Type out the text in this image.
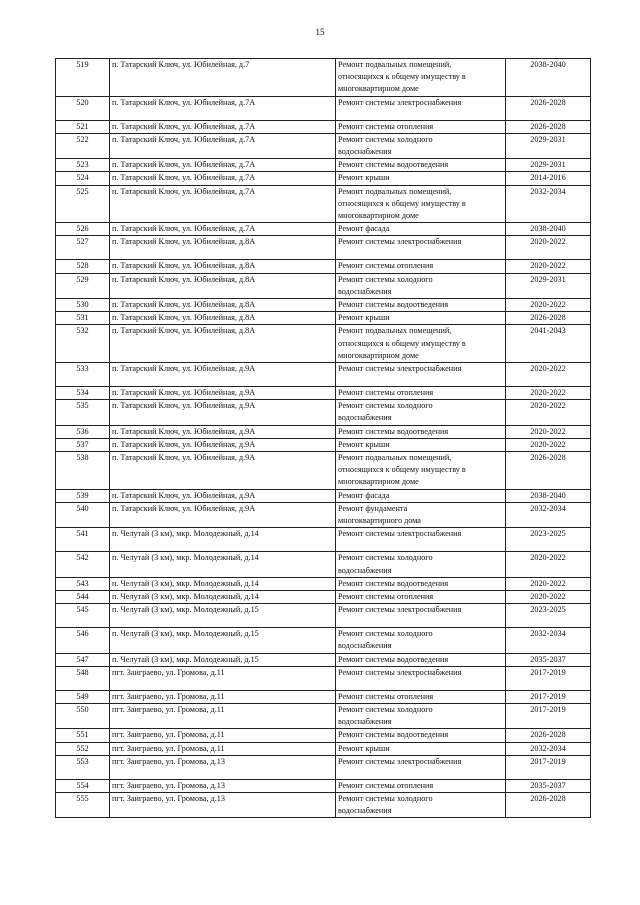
15
519	п. Татарский Ключ, ул. Юбилейная, д.7	Ремонт подвальных помещений,
относящихся к общему имуществу в
многоквартирном доме	2038-2040
520	п. Татарский Ключ, ул. Юбилейная, д.7А	Ремонт системы электроснабжения	2026-2028
521	п. Татарский Ключ, ул. Юбилейная, д.7А	Ремонт системы отопления	2026-2028
522	п. Татарский Ключ, ул. Юбилейная, д.7А	Ремонт системы холодного
водоснабжения	2029-2031
523	п. Татарский Ключ, ул. Юбилейная, д.7А	Ремонт системы водоотведения	2029-2031
524	п. Татарский Ключ, ул. Юбилейная, д.7А	Ремонт крыши	2014-2016
525	п. Татарский Ключ, ул. Юбилейная, д.7А	Ремонт подвальных помещений,
относящихся к общему имуществу в
многоквартирном доме	2032-2034
526	п. Татарский Ключ, ул. Юбилейная, д.7А	Ремонт фасада	2038-2040
527	п. Татарский Ключ, ул. Юбилейная, д.8А	Ремонт системы электроснабжения	2020-2022
528	п. Татарский Ключ, ул. Юбилейная, д.8А	Ремонт системы отопления	2020-2022
529	п. Татарский Ключ, ул. Юбилейная, д.8А	Ремонт системы холодного
водоснабжения	2029-2031
530	п. Татарский Ключ, ул. Юбилейная, д.8А	Ремонт системы водоотведения	2020-2022
531	п. Татарский Ключ, ул. Юбилейная, д.8А	Ремонт крыши	2026-2028
532	п. Татарский Ключ, ул. Юбилейная, д.8А	Ремонт подвальных помещений,
относящихся к общему имуществу в
многоквартирном доме	2041-2043
533	п. Татарский Ключ, ул. Юбилейная, д.9А	Ремонт системы электроснабжения	2020-2022
534	п. Татарский Ключ, ул. Юбилейная, д.9А	Ремонт системы отопления	2020-2022
535	п. Татарский Ключ, ул. Юбилейная, д.9А	Ремонт системы холодного
водоснабжения	2020-2022
536	п. Татарский Ключ, ул. Юбилейная, д.9А	Ремонт системы водоотведения	2020-2022
537	п. Татарский Ключ, ул. Юбилейная, д.9А	Ремонт крыши	2020-2022
538	п. Татарский Ключ, ул. Юбилейная, д.9А	Ремонт подвальных помещений,
относящихся к общему имуществу в
многоквартирном доме	2026-2028
539	п. Татарский Ключ, ул. Юбилейная, д.9А	Ремонт фасада	2038-2040
540	п. Татарский Ключ, ул. Юбилейная, д.9А	Ремонт фундамента
многоквартирного дома	2032-2034
541	п. Челутай (3 км), мкр. Молодежный, д.14	Ремонт системы электроснабжения	2023-2025
542	п. Челутай (3 км), мкр. Молодежный, д.14	Ремонт системы холодного
водоснабжения	2020-2022
543	п. Челутай (3 км), мкр. Молодежный, д.14	Ремонт системы водоотведения	2020-2022
544	п. Челутай (3 км), мкр. Молодежный, д.14	Ремонт системы отопления	2020-2022
545	п. Челутай (3 км), мкр. Молодежный, д.15	Ремонт системы электроснабжения	2023-2025
546	п. Челутай (3 км), мкр. Молодежный, д.15	Ремонт системы холодного
водоснабжения	2032-2034
547	п. Челутай (3 км), мкр. Молодежный, д.15	Ремонт системы водоотведения	2035-2037
548	пгт. Заиграево, ул. Громова, д.11	Ремонт системы электроснабжения	2017-2019
549	пгт. Заиграево, ул. Громова, д.11	Ремонт системы отопления	2017-2019
550	пгт. Заиграево, ул. Громова, д.11	Ремонт системы холодного
водоснабжения	2017-2019
551	пгт. Заиграево, ул. Громова, д.11	Ремонт системы водоотведения	2026-2028
552	пгт. Заиграево, ул. Громова, д.11	Ремонт крыши	2032-2034
553	пгт. Заиграево, ул. Громова, д.13	Ремонт системы электроснабжения	2017-2019
554	пгт. Заиграево, ул. Громова, д.13	Ремонт системы отопления	2035-2037
555	пгт. Заиграево, ул. Громова, д.13	Ремонт системы холодного
водоснабжения	2026-2028
